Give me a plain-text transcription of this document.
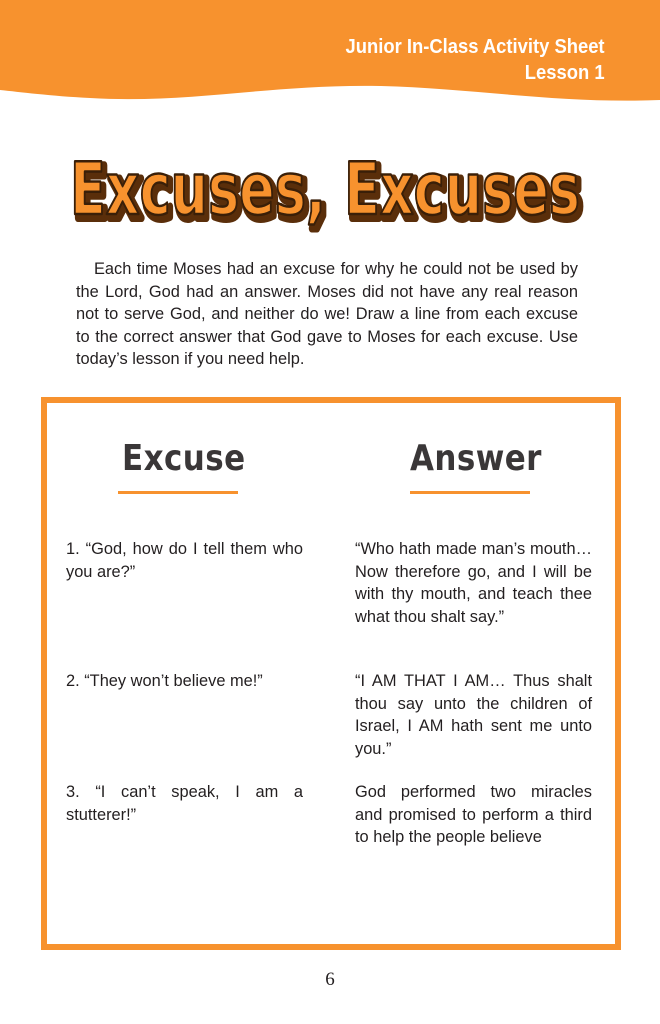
Junior In-Class Activity Sheet

Lesson 1
Excuses, Excuses
Excuses, Excuses

Each time Moses had an excuse for why he could not be used by the Lord, God had an answer. Moses did not have any real reason not to serve God, and neither do we! Draw a line from each excuse to the correct answer that God gave to Moses for each excuse. Use today’s lesson if you need help.

Excuse	Answer
1. “God, how do I tell them who you are?”
2. “They won’t believe me!”
3. “I can’t speak, I am a stutterer!”
“Who hath made man’s mouth…Now therefore go, and I will be with thy mouth, and teach thee what thou shalt say.”
“I AM THAT I AM… Thus shalt thou say unto the children of Israel, I AM hath sent me unto you.”
God performed two miracles and promised to perform a third to help the people believe
6
